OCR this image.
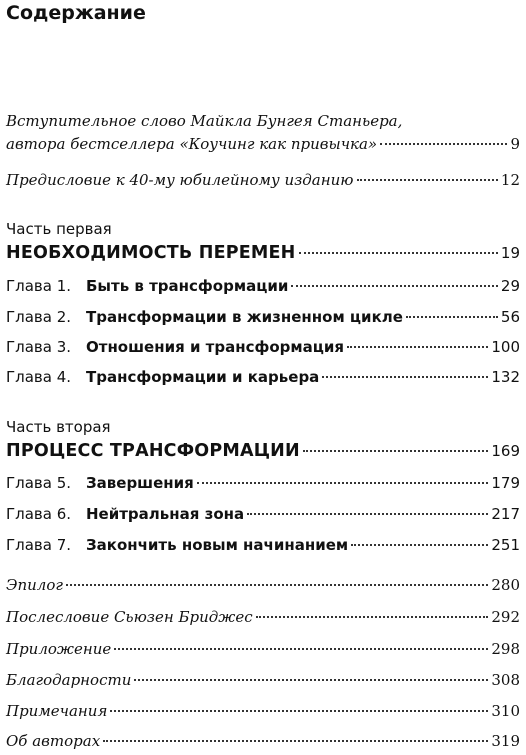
Содержание
Вступительное слово Майкла Бунгея Станьера,
автора бестселлера «Коучинг как привычка»	9
Предисловие к 40-му юбилейному изданию	12
Часть первая
НЕОБХОДИМОСТЬ ПЕРЕМЕН	19
Глава 1. Быть в трансформации	29
Глава 2. Трансформации в жизненном цикле	56
Глава 3. Отношения и трансформация	100
Глава 4. Трансформации и карьера	132
Часть вторая
ПРОЦЕСС ТРАНСФОРМАЦИИ	169
Глава 5. Завершения	179
Глава 6. Нейтральная зона	217
Глава 7. Закончить новым начинанием	251
Эпилог	280
Послесловие Сьюзен Бриджес	292
Приложение	298
Благодарности	308
Примечания	310
Об авторах	319
